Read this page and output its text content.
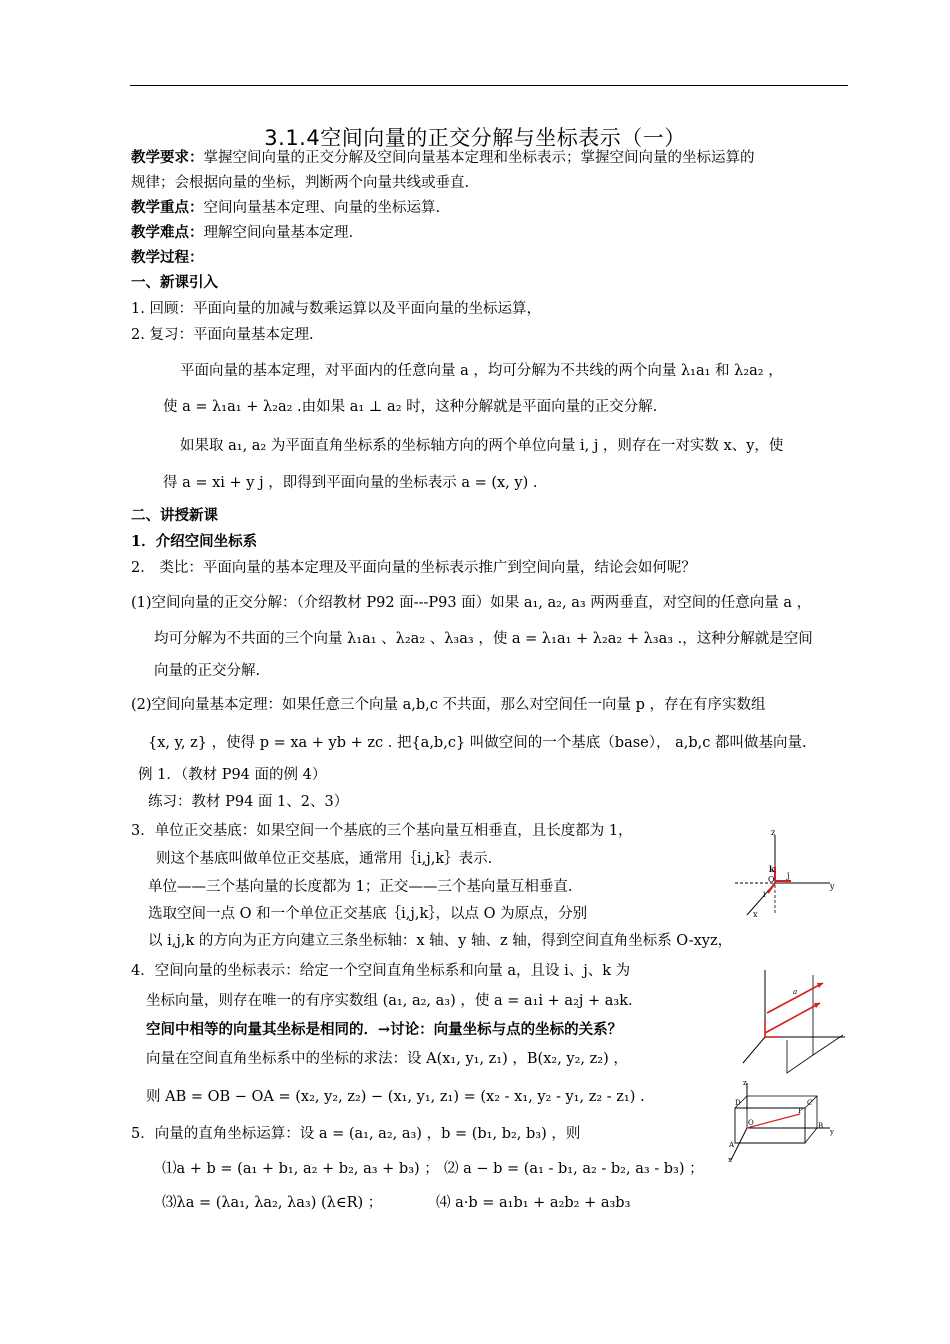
3.1.4空间向量的正交分解与坐标表示（一）
教学要求：掌握空间向量的正交分解及空间向量基本定理和坐标表示；掌握空间向量的坐标运算的
规律；会根据向量的坐标，判断两个向量共线或垂直.
教学重点：空间向量基本定理、向量的坐标运算.
教学难点：理解空间向量基本定理.
教学过程：
一、新课引入
1. 回顾：平面向量的加减与数乘运算以及平面向量的坐标运算，
2. 复习：平面向量基本定理.
平面向量的基本定理，对平面内的任意向量 a ，均可分解为不共线的两个向量 λ₁a₁ 和 λ₂a₂ ，
使 a = λ₁a₁ + λ₂a₂ .由如果 a₁ ⊥ a₂ 时，这种分解就是平面向量的正交分解.
如果取 a₁, a₂ 为平面直角坐标系的坐标轴方向的两个单位向量 i, j ，则存在一对实数 x、y，使
得 a = xi + y j ，即得到平面向量的坐标表示 a = (x, y) .
二、讲授新课
1．介绍空间坐标系
2． 类比：平面向量的基本定理及平面向量的坐标表示推广到空间向量，结论会如何呢？
(1)空间向量的正交分解：（介绍教材 P92 面---P93 面）如果 a₁, a₂, a₃ 两两垂直，对空间的任意向量 a ，
均可分解为不共面的三个向量 λ₁a₁ 、λ₂a₂ 、λ₃a₃ ，使 a = λ₁a₁ + λ₂a₂ + λ₃a₃ .，这种分解就是空间
向量的正交分解.
(2)空间向量基本定理：如果任意三个向量 a,b,c 不共面，那么对空间任一向量 p ，存在有序实数组
{x, y, z} ，使得 p = xa + yb + zc . 把{a,b,c} 叫做空间的一个基底（base）， a,b,c 都叫做基向量.
例 1．（教材 P94 面的例 4）
练习：教材 P94 面 1、2、3）
3．单位正交基底：如果空间一个基底的三个基向量互相垂直，且长度都为 1，
则这个基底叫做单位正交基底，通常用｛i,j,k｝表示.
单位——三个基向量的长度都为 1；正交——三个基向量互相垂直.
选取空间一点 O 和一个单位正交基底｛i,j,k｝，以点 O 为原点，分别
以 i,j,k 的方向为正方向建立三条坐标轴：x 轴、y 轴、z 轴，得到空间直角坐标系 O-xyz，
4．空间向量的坐标表示：给定一个空间直角坐标系和向量 a，且设 i、j、k 为
坐标向量，则存在唯一的有序实数组 (a₁, a₂, a₃) ，使 a = a₁i + a₂j + a₃k.
空间中相等的向量其坐标是相同的．→讨论：向量坐标与点的坐标的关系？
向量在空间直角坐标系中的坐标的求法：设 A(x₁, y₁, z₁) ，B(x₂, y₂, z₂) ，
则 AB = OB − OA = (x₂, y₂, z₂) − (x₁, y₁, z₁) = (x₂ - x₁, y₂ - y₁, z₂ - z₁) .
5．向量的直角坐标运算：设 a = (a₁, a₂, a₃) ，b = (b₁, b₂, b₃) ，则
⑴a + b = (a₁ + b₁, a₂ + b₂, a₃ + b₃) ； ⑵ a − b = (a₁ - b₁, a₂ - b₂, a₃ - b₃) ；
⑶λa = (λa₁, λa₂, λa₃) (λ∈R) ；	⑷ a·b = a₁b₁ + a₂b₂ + a₃b₃
z
k
O
i
j
y
x
a
z
D	C
O
P
A
B
y
x
